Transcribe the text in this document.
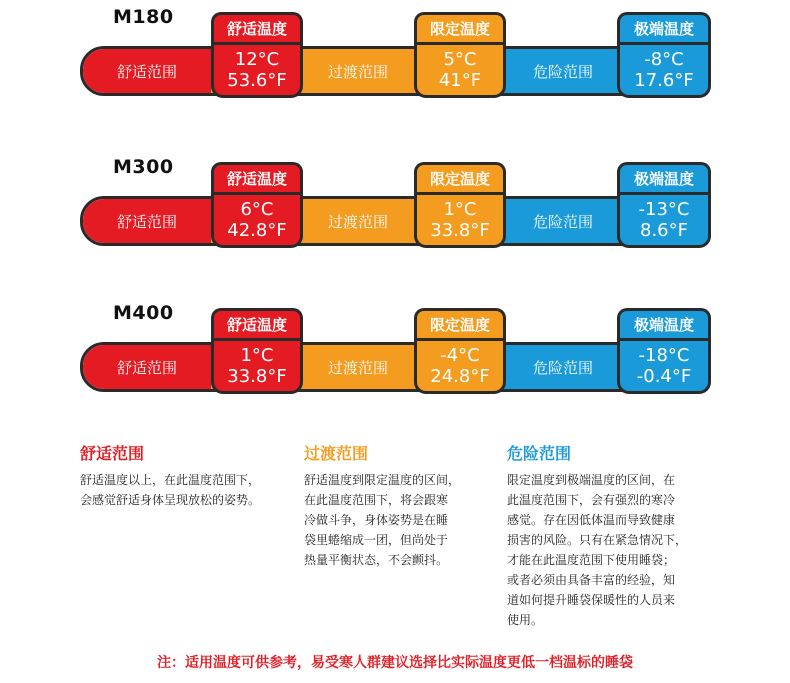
M180
舒适范围	过渡范围	危险范围
舒适温度
12°C
53.6°F
限定温度
5°C
41°F
极端温度
-8°C
17.6°F
M300
舒适范围	过渡范围	危险范围
舒适温度
6°C
42.8°F
限定温度
1°C
33.8°F
极端温度
-13°C
8.6°F
M400
舒适范围	过渡范围	危险范围
舒适温度
1°C
33.8°F
限定温度
-4°C
24.8°F
极端温度
-18°C
-0.4°F
舒适范围

舒适温度以上，在此温度范围下，
会感觉舒适身体呈现放松的姿势。

过渡范围

舒适温度到限定温度的区间，
在此温度范围下，将会跟寒
冷做斗争，身体姿势是在睡
袋里蜷缩成一团，但尚处于
热量平衡状态，不会颤抖。

危险范围

限定温度到极端温度的区间，在
此温度范围下，会有强烈的寒冷
感觉。存在因低体温而导致健康
损害的风险。只有在紧急情况下，
才能在此温度范围下使用睡袋；
或者必须由具备丰富的经验，知
道如何提升睡袋保暖性的人员来
使用。

注：适用温度可供参考，易受寒人群建议选择比实际温度更低一档温标的睡袋
